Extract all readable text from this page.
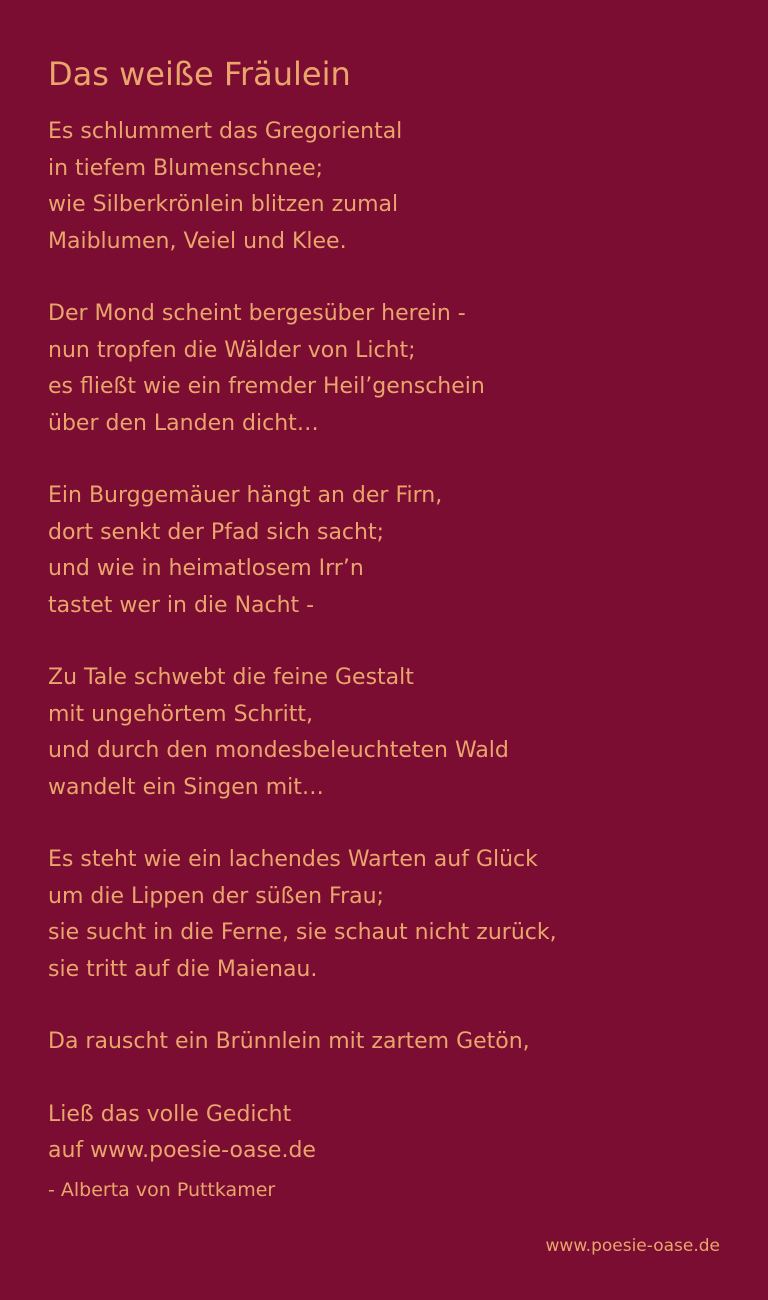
Das weiße Fräulein
Es schlummert das Gregoriental
in tiefem Blumenschnee;
wie Silberkrönlein blitzen zumal
Maiblumen, Veiel und Klee.
Der Mond scheint bergesüber herein -
nun tropfen die Wälder von Licht;
es fließt wie ein fremder Heil’genschein
über den Landen dicht…
Ein Burggemäuer hängt an der Firn,
dort senkt der Pfad sich sacht;
und wie in heimatlosem Irr’n
tastet wer in die Nacht -
Zu Tale schwebt die feine Gestalt
mit ungehörtem Schritt,
und durch den mondesbeleuchteten Wald
wandelt ein Singen mit…
Es steht wie ein lachendes Warten auf Glück
um die Lippen der süßen Frau;
sie sucht in die Ferne, sie schaut nicht zurück,
sie tritt auf die Maienau.
Da rauscht ein Brünnlein mit zartem Getön,
Ließ das volle Gedicht
auf www.poesie-oase.de
- Alberta von Puttkamer
www.poesie-oase.de
